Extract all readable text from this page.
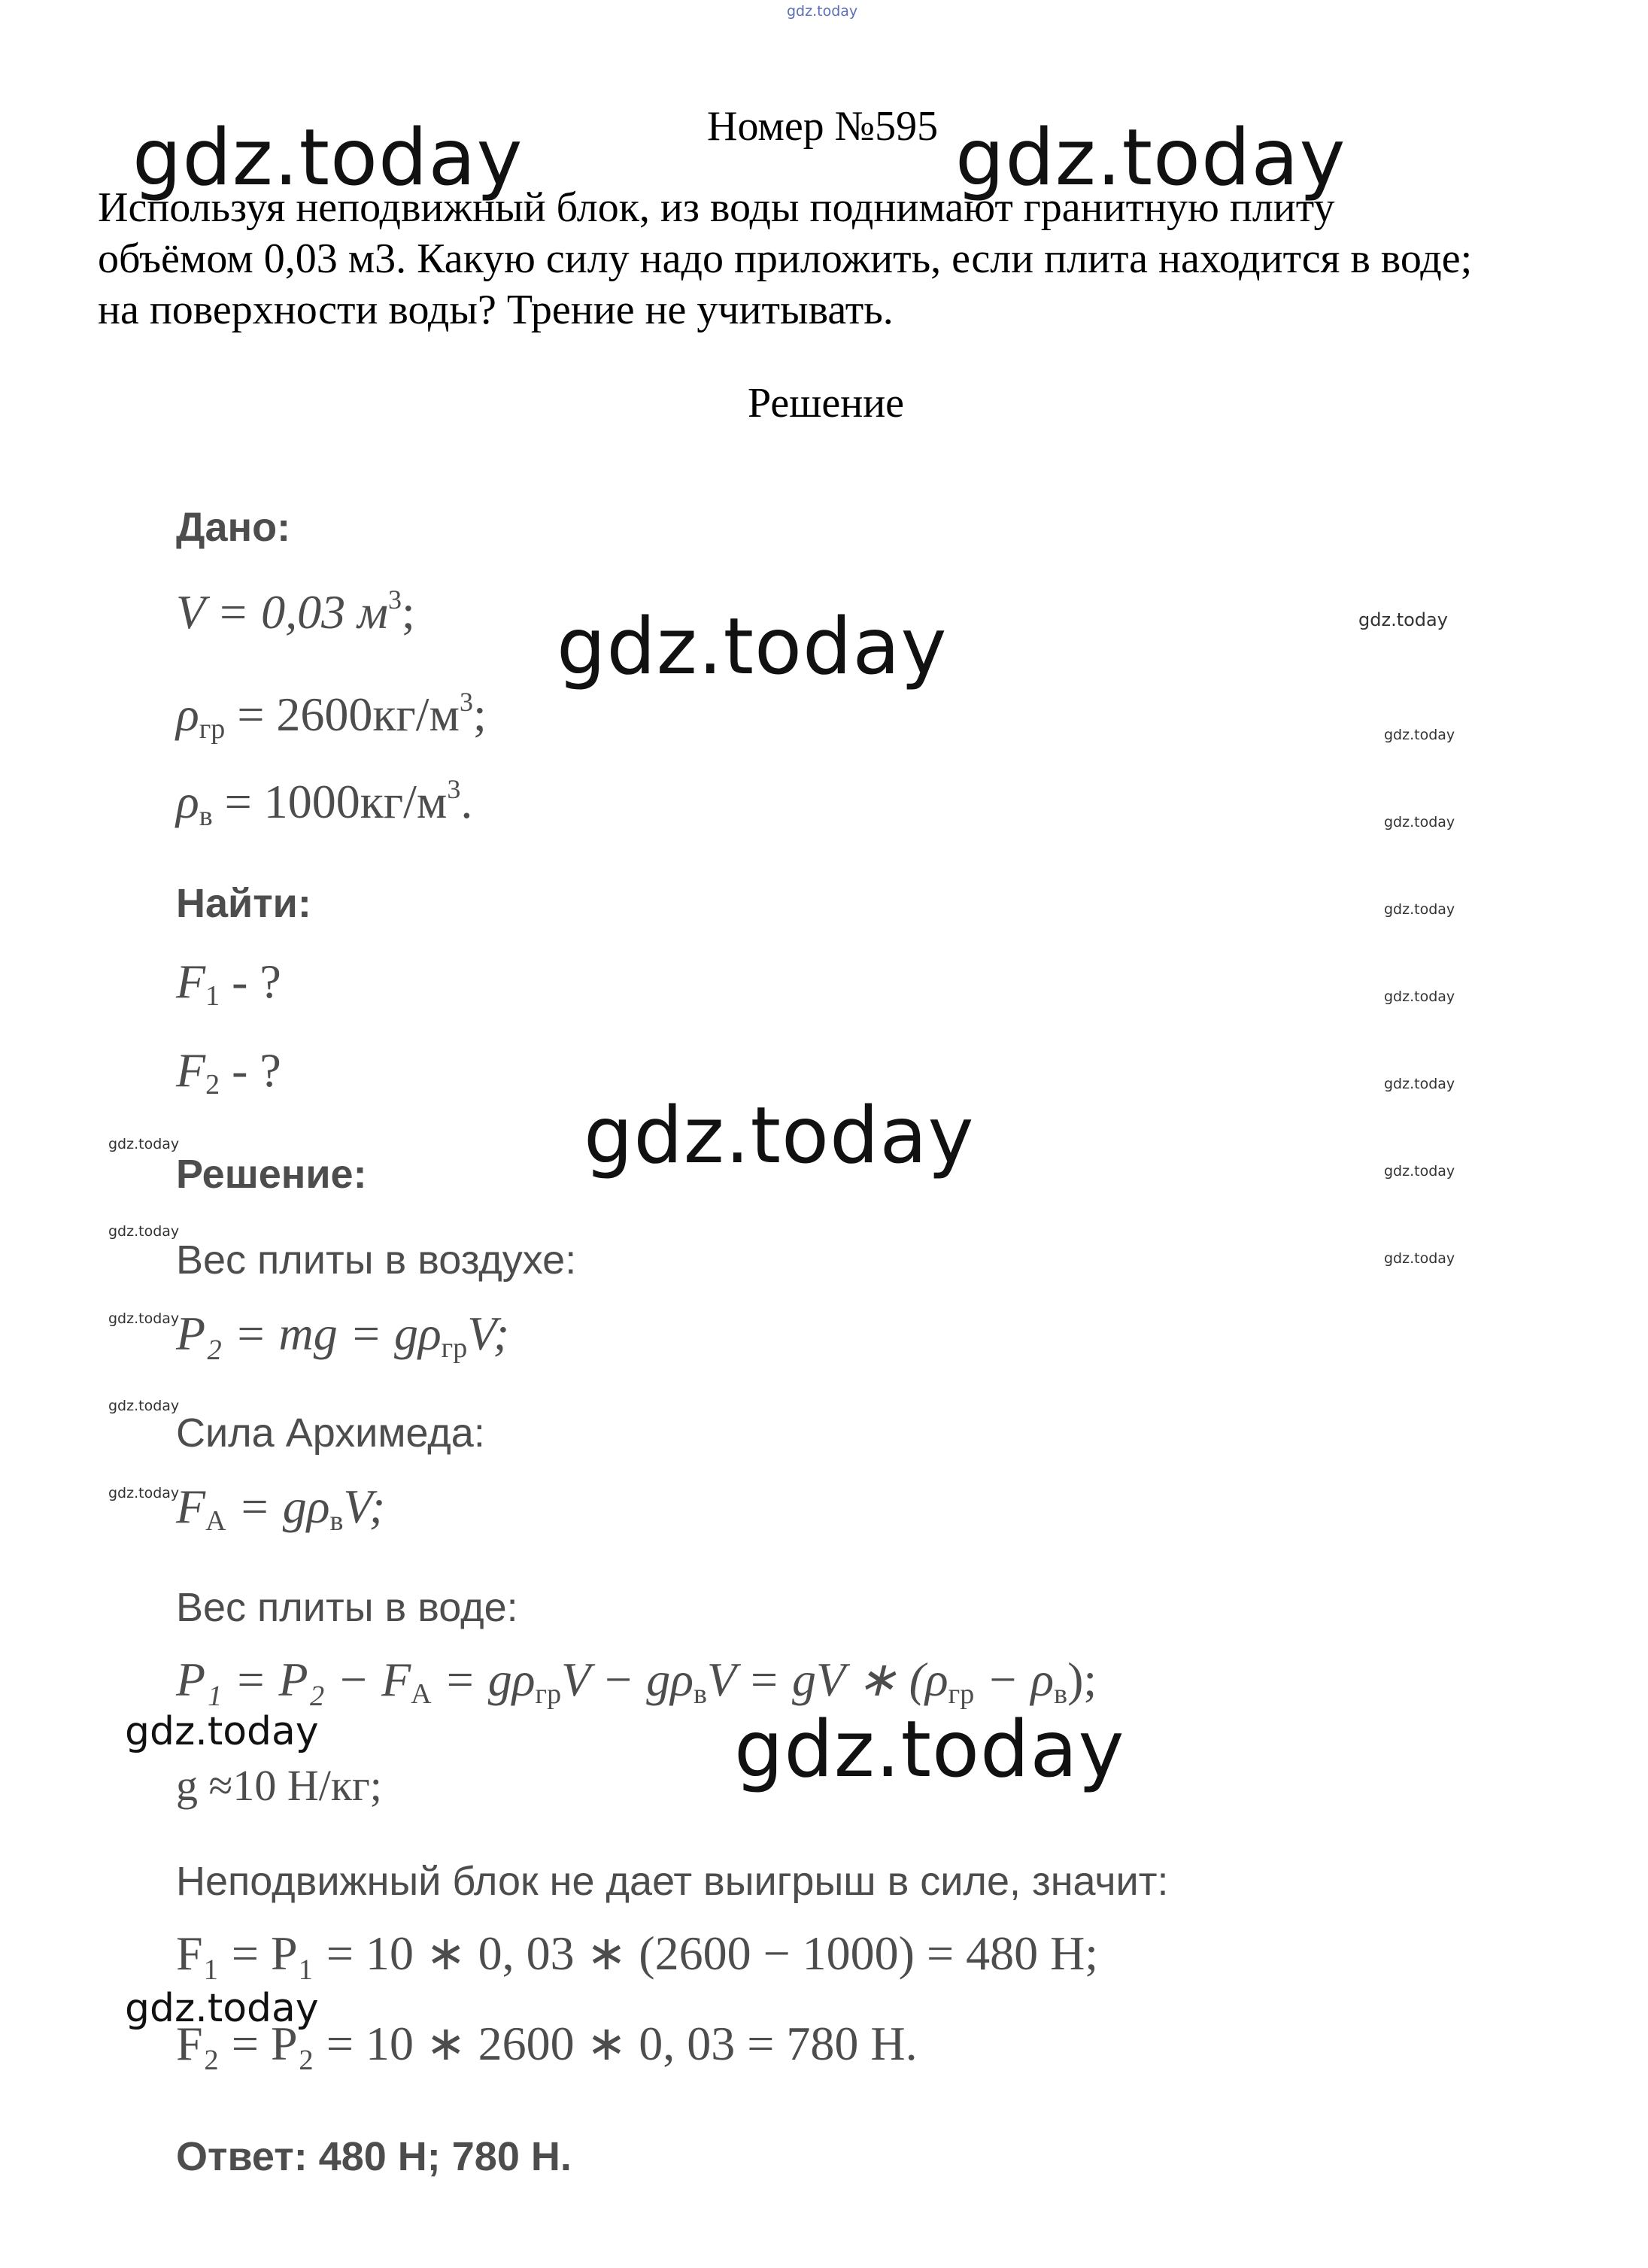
gdz.today
gdz.today	gdz.today
gdz.today
gdz.today
gdz.today
gdz.today
gdz.today
gdz.today
gdz.today
gdz.today
gdz.today
gdz.today
gdz.today
gdz.today
gdz.today
gdz.today
gdz.today
gdz.today
gdz.today
gdz.today
Номер №595
Используя неподвижный блок, из воды поднимают гранитную плиту объёмом 0,03 м3. Какую силу надо приложить, если плита находится в воде; на поверхности воды? Трение не учитывать.
Решение
Дано:
V = 0,03 $м^3$;
$\rho_{гр} = 2600кг/м^3$;
$\rho_в = 1000кг/м^3$.
Найти:
$F_1$ - ?
$F_2$ - ?
Решение:
Вес плиты в воздухе:
P₂ = mg = $g\rho_{гр}V$;
Сила Архимеда:
$F_A = g\rho_вV$;
Вес плиты в воде:
$P_1 = P_2 - F_A = g\rho_{гр}V - g\rho_вV$ = gV ∗ $(\rho_{гр} - \rho_в)$;
g ≈10 Н/кг;
Неподвижный блок не дает выигрыш в силе, значит:
F₁ = P₁ = 10 ∗ 0, 03 ∗ (2600 − 1000) = 480 Н;
F₂ = P₂ = 10 ∗ 2600 ∗ 0, 03 = 780 Н.
Ответ: 480 Н; 780 Н.
